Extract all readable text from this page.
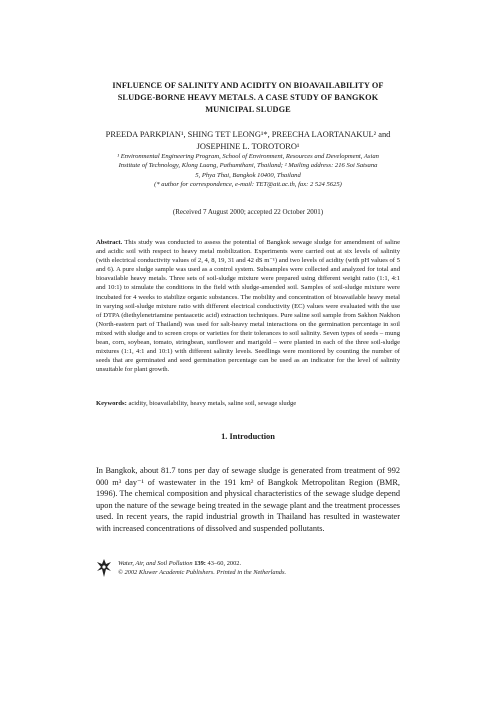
INFLUENCE OF SALINITY AND ACIDITY ON BIOAVAILABILITY OF
SLUDGE-BORNE HEAVY METALS. A CASE STUDY OF BANGKOK
MUNICIPAL SLUDGE
PREEDA PARKPIAN¹, SHING TET LEONG¹*, PREECHA LAORTANAKUL² and
JOSEPHINE L. TOROTORO¹
¹ Environmental Engineering Program, School of Environment, Resources and Development, Asian
Institute of Technology, Klong Luang, Pathumthani, Thailand; ² Mailing address: 216 Soi Satsana
5, Phya Thai, Bangkok 10400, Thailand
(* author for correspondence, e-mail: TET@ait.ac.th, fax: 2 524 5625)
(Received 7 August 2000; accepted 22 October 2001)
Abstract. This study was conducted to assess the potential of Bangkok sewage sludge for amendment of saline and acidic soil with respect to heavy metal mobilization. Experiments were carried out at six levels of salinity (with electrical conductivity values of 2, 4, 8, 19, 31 and 42 dS m⁻¹) and two levels of acidity (with pH values of 5 and 6). A pure sludge sample was used as a control system. Subsamples were collected and analyzed for total and bioavailable heavy metals. Three sets of soil-sludge mixture were prepared using different weight ratio (1:1, 4:1 and 10:1) to simulate the conditions in the field with sludge-amended soil. Samples of soil-sludge mixture were incubated for 4 weeks to stabilize organic substances. The mobility and concentration of bioavailable heavy metal in varying soil-sludge mixture ratio with different electrical conductivity (EC) values were evaluated with the use of DTPA (diethylenetriamine pentaacetic acid) extraction techniques. Pure saline soil sample from Sakhon Nakhon (North-eastern part of Thailand) was used for salt-heavy metal interactions on the germination percentage in soil mixed with sludge and to screen crops or varieties for their tolerances to soil salinity. Seven types of seeds – mung bean, corn, soybean, tomato, stringbean, sunflower and marigold – were planted in each of the three soil-sludge mixtures (1:1, 4:1 and 10:1) with different salinity levels. Seedlings were monitored by counting the number of seeds that are germinated and seed germination percentage can be used as an indicator for the level of salinity unsuitable for plant growth.
Keywords: acidity, bioavailability, heavy metals, saline soil, sewage sludge
1. Introduction
In Bangkok, about 81.7 tons per day of sewage sludge is generated from treatment of 992 000 m³ day⁻¹ of wastewater in the 191 km² of Bangkok Metropolitan Region (BMR, 1996). The chemical composition and physical characteristics of the sewage sludge depend upon the nature of the sewage being treated in the sewage plant and the treatment processes used. In recent years, the rapid industrial growth in Thailand has resulted in wastewater with increased concentrations of dissolved and suspended pollutants.
Water, Air, and Soil Pollution 139: 43–60, 2002.
© 2002 Kluwer Academic Publishers. Printed in the Netherlands.
